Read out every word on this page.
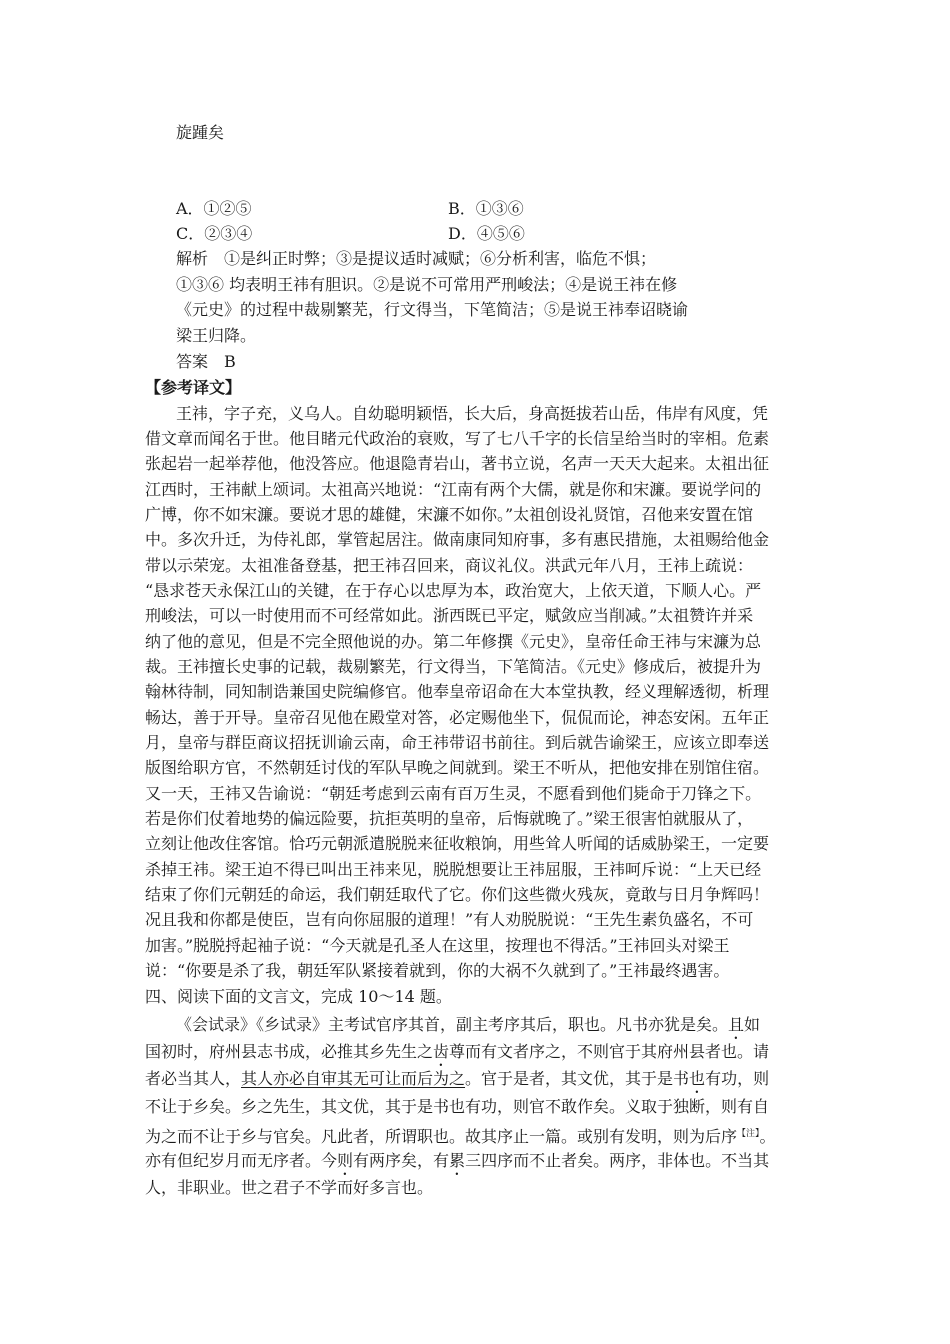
旋踵矣
A．①②⑤	B．①③⑥
C．②③④	D．④⑤⑥
解析　①是纠正时弊；③是提议适时减赋；⑥分析利害，临危不惧；
①③⑥ 均表明王祎有胆识。②是说不可常用严刑峻法；④是说王祎在修
《元史》的过程中裁剔繁芜，行文得当，下笔简洁；⑤是说王祎奉诏晓谕
梁王归降。
答案　B
【参考译文】
王祎，字子充，义乌人。自幼聪明颖悟，长大后，身高挺拔若山岳，伟岸有风度，凭
借文章而闻名于世。他目睹元代政治的衰败，写了七八千字的长信呈给当时的宰相。危素
张起岩一起举荐他，他没答应。他退隐青岩山，著书立说，名声一天天大起来。太祖出征
江西时，王祎献上颂词。太祖高兴地说：“江南有两个大儒，就是你和宋濂。要说学问的
广博，你不如宋濂。要说才思的雄健，宋濂不如你。”太祖创设礼贤馆，召他来安置在馆
中。多次升迁，为侍礼郎，掌管起居注。做南康同知府事，多有惠民措施，太祖赐给他金
带以示荣宠。太祖准备登基，把王祎召回来，商议礼仪。洪武元年八月，王祎上疏说：
“恳求苍天永保江山的关键，在于存心以忠厚为本，政治宽大，上依天道，下顺人心。严
刑峻法，可以一时使用而不可经常如此。浙西既已平定，赋敛应当削减。”太祖赞许并采
纳了他的意见，但是不完全照他说的办。第二年修撰《元史》，皇帝任命王祎与宋濂为总
裁。王祎擅长史事的记载，裁剔繁芜，行文得当，下笔简洁。《元史》修成后，被提升为
翰林待制，同知制诰兼国史院编修官。他奉皇帝诏命在大本堂执教，经义理解透彻，析理
畅达，善于开导。皇帝召见他在殿堂对答，必定赐他坐下，侃侃而论，神态安闲。五年正
月，皇帝与群臣商议招抚训谕云南，命王祎带诏书前往。到后就告谕梁王，应该立即奉送
版图给职方官，不然朝廷讨伐的军队早晚之间就到。梁王不听从，把他安排在别馆住宿。
又一天，王祎又告谕说：“朝廷考虑到云南有百万生灵，不愿看到他们毙命于刀锋之下。
若是你们仗着地势的偏远险要，抗拒英明的皇帝，后悔就晚了。”梁王很害怕就服从了，
立刻让他改住客馆。恰巧元朝派遣脱脱来征收粮饷，用些耸人听闻的话威胁梁王，一定要
杀掉王祎。梁王迫不得已叫出王祎来见，脱脱想要让王祎屈服，王祎呵斥说：“上天已经
结束了你们元朝廷的命运，我们朝廷取代了它。你们这些微火残灰，竟敢与日月争辉吗！
况且我和你都是使臣，岂有向你屈服的道理！”有人劝脱脱说：“王先生素负盛名，不可
加害。”脱脱捋起袖子说：“今天就是孔圣人在这里，按理也不得活。”王祎回头对梁王
说：“你要是杀了我，朝廷军队紧接着就到，你的大祸不久就到了。”王祎最终遇害。
四、阅读下面的文言文，完成 10～14 题。
《会试录》《乡试录》主考试官序其首，副主考序其后，职也。凡书亦犹是矣。且如
国初时，府州县志书成，必推其乡先生之齿尊而有文者序之，不则官于其府州县者也。请
者必当其人，其人亦必自审其无可让而后为之。官于是者，其文优，其于是书也有功，则
不让于乡矣。乡之先生，其文优，其于是书也有功，则官不敢作矣。义取于独断，则有自
为之而不让于乡与官矣。凡此者，所谓职也。故其序止一篇。或别有发明，则为后序$^{【注】}$。
亦有但纪岁月而无序者。今则有两序矣，有累三四序而不止者矣。两序，非体也。不当其
人，非职业。世之君子不学而好多言也。
